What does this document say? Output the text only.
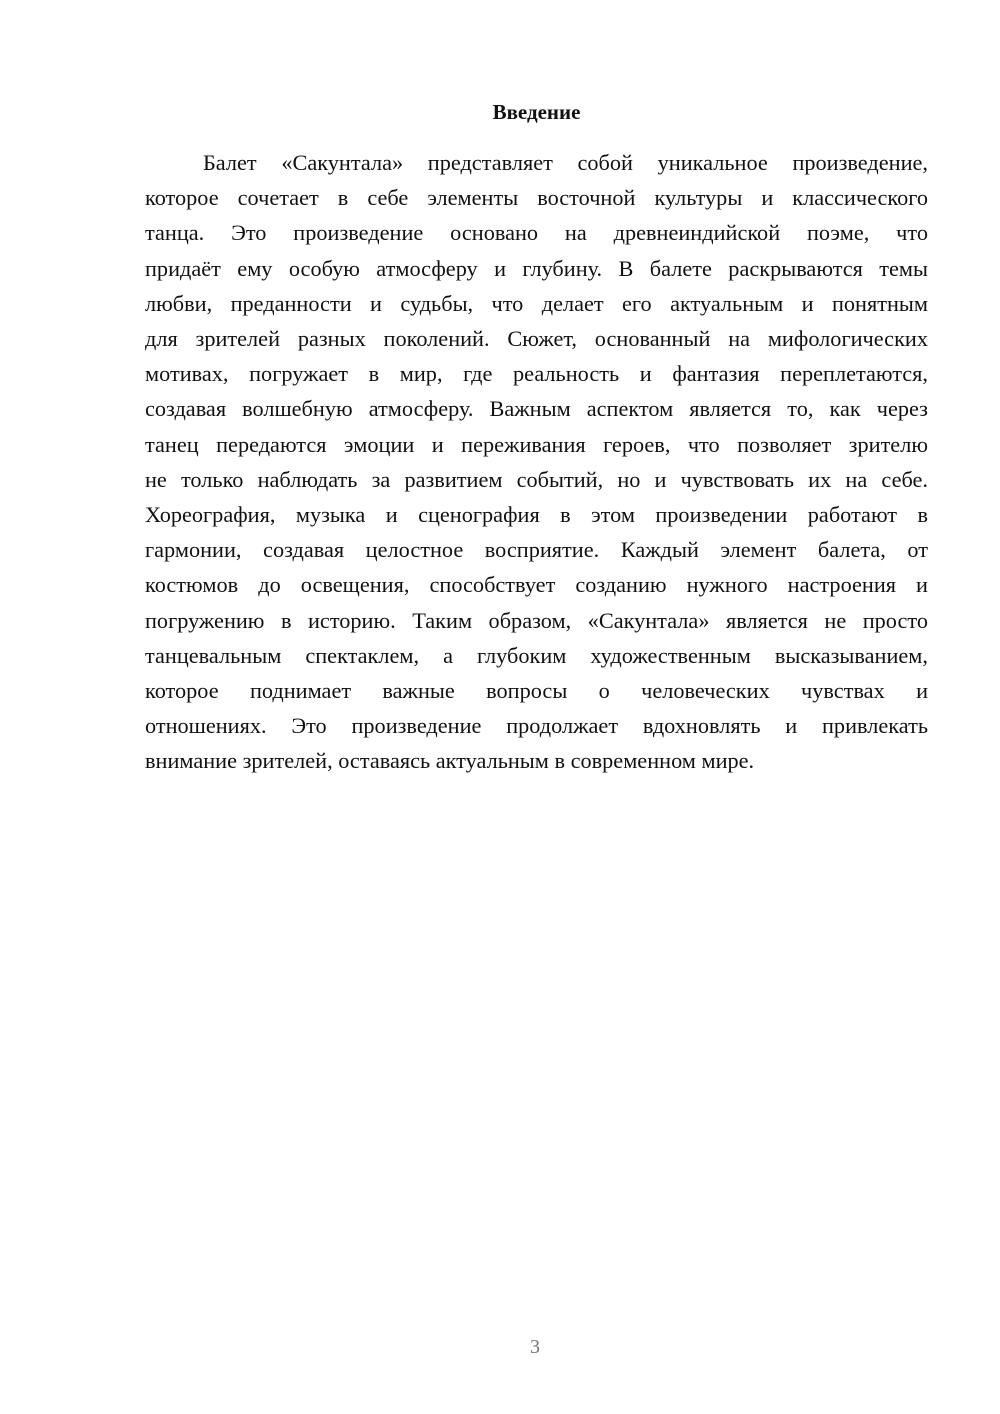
Введение
Балет «Сакунтала» представляет собой уникальное произведение,
которое сочетает в себе элементы восточной культуры и классического
танца. Это произведение основано на древнеиндийской поэме, что
придаёт ему особую атмосферу и глубину. В балете раскрываются темы
любви, преданности и судьбы, что делает его актуальным и понятным
для зрителей разных поколений. Сюжет, основанный на мифологических
мотивах, погружает в мир, где реальность и фантазия переплетаются,
создавая волшебную атмосферу. Важным аспектом является то, как через
танец передаются эмоции и переживания героев, что позволяет зрителю
не только наблюдать за развитием событий, но и чувствовать их на себе.
Хореография, музыка и сценография в этом произведении работают в
гармонии, создавая целостное восприятие. Каждый элемент балета, от
костюмов до освещения, способствует созданию нужного настроения и
погружению в историю. Таким образом, «Сакунтала» является не просто
танцевальным спектаклем, а глубоким художественным высказыванием,
которое поднимает важные вопросы о человеческих чувствах и
отношениях. Это произведение продолжает вдохновлять и привлекать
внимание зрителей, оставаясь актуальным в современном мире.
3
